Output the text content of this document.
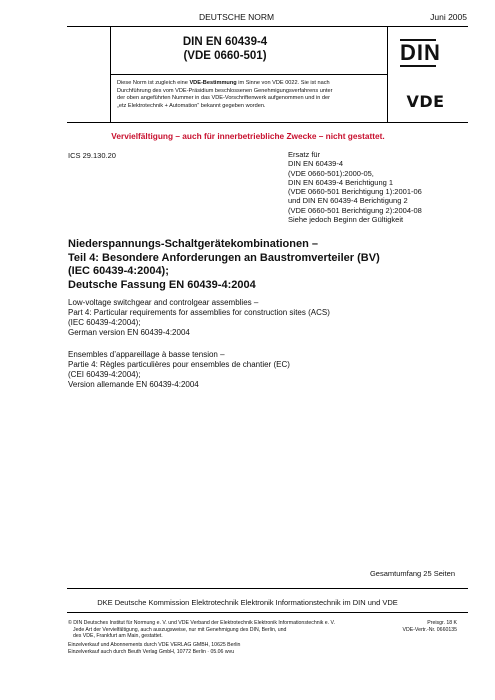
DEUTSCHE NORM	Juni 2005
DIN EN 60439-4
(VDE 0660-501)	DIN
VDE
Diese Norm ist zugleich eine VDE-Bestimmung im Sinne von VDE 0022. Sie ist nach
Durchführung des vom VDE-Präsidium beschlossenen Genehmigungsverfahrens unter
der oben angeführten Nummer in das VDE-Vorschriftenwerk aufgenommen und in der
„etz Elektrotechnik + Automation“ bekannt gegeben worden.
Vervielfältigung – auch für innerbetriebliche Zwecke – nicht gestattet.
ICS 29.130.20	Ersatz für
DIN EN 60439-4
(VDE 0660-501):2000-05,
DIN EN 60439-4 Berichtigung 1
(VDE 0660-501 Berichtigung 1):2001-06
und DIN EN 60439-4 Berichtigung 2
(VDE 0660-501 Berichtigung 2):2004-08
Siehe jedoch Beginn der Gültigkeit
Niederspannungs-Schaltgerätekombinationen –
Teil 4: Besondere Anforderungen an Baustromverteiler (BV)
(IEC 60439-4:2004);
Deutsche Fassung EN 60439-4:2004
Low-voltage switchgear and controlgear assemblies –
Part 4: Particular requirements for assemblies for construction sites (ACS)
(IEC 60439-4:2004);
German version EN 60439-4:2004
Ensembles d’appareillage à basse tension –
Partie 4: Règles particulières pour ensembles de chantier (EC)
(CEI 60439-4:2004);
Version allemande EN 60439-4:2004
Gesamtumfang 25 Seiten
DKE Deutsche Kommission Elektrotechnik Elektronik Informationstechnik im DIN und VDE
© DIN Deutsches Institut für Normung e. V. und VDE Verband der Elektrotechnik Elektronik Informationstechnik e. V.
Jede Art der Vervielfältigung, auch auszugsweise, nur mit Genehmigung des DIN, Berlin, und
des VDE, Frankfurt am Main, gestattet.
Preisgr. 18 K
VDE-Vertr.-Nr. 0660135
Einzelverkauf und Abonnements durch VDE VERLAG GMBH, 10625 Berlin
Einzelverkauf auch durch Beuth Verlag GmbH, 10772 Berlin · 05.06 wvu
